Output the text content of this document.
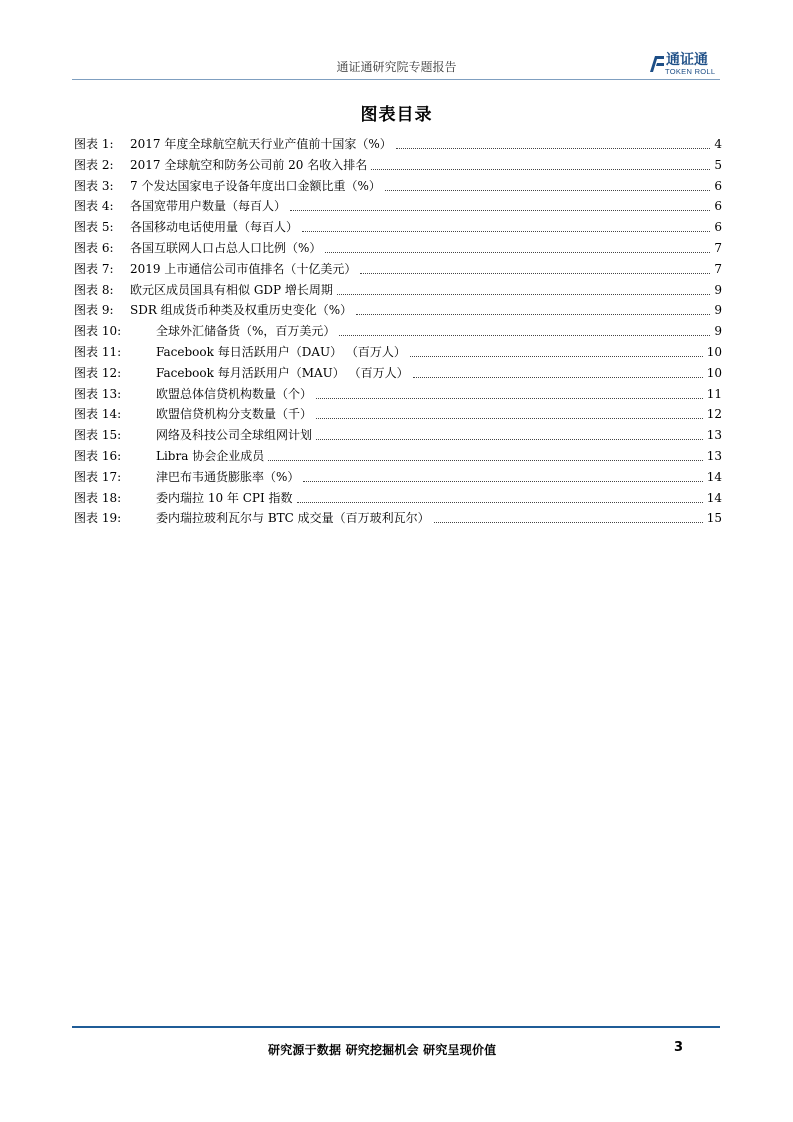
通证通研究院专题报告	通证通
TOKEN ROLL
图表目录
图表 1: 2017 年度全球航空航天行业产值前十国家（%）	4
图表 2: 2017 全球航空和防务公司前 20 名收入排名	5
图表 3: 7 个发达国家电子设备年度出口金额比重（%）	6
图表 4: 各国宽带用户数量（每百人）	6
图表 5: 各国移动电话使用量（每百人）	6
图表 6: 各国互联网人口占总人口比例（%）	7
图表 7: 2019 上市通信公司市值排名（十亿美元）	7
图表 8: 欧元区成员国具有相似 GDP 增长周期	9
图表 9: SDR 组成货币种类及权重历史变化（%）	9
图表 10:	全球外汇储备货（%，百万美元）	9
图表 11:	Facebook 每日活跃用户（DAU） （百万人）	10
图表 12:	Facebook 每月活跃用户（MAU） （百万人）	10
图表 13:	欧盟总体信贷机构数量（个）	11
图表 14:	欧盟信贷机构分支数量（千）	12
图表 15:	网络及科技公司全球组网计划	13
图表 16:	Libra 协会企业成员	13
图表 17:	津巴布韦通货膨胀率（%）	14
图表 18:	委内瑞拉 10 年 CPI 指数	14
图表 19:	委内瑞拉玻利瓦尔与 BTC 成交量（百万玻利瓦尔）	15
研究源于数据 研究挖掘机会 研究呈现价值	3
